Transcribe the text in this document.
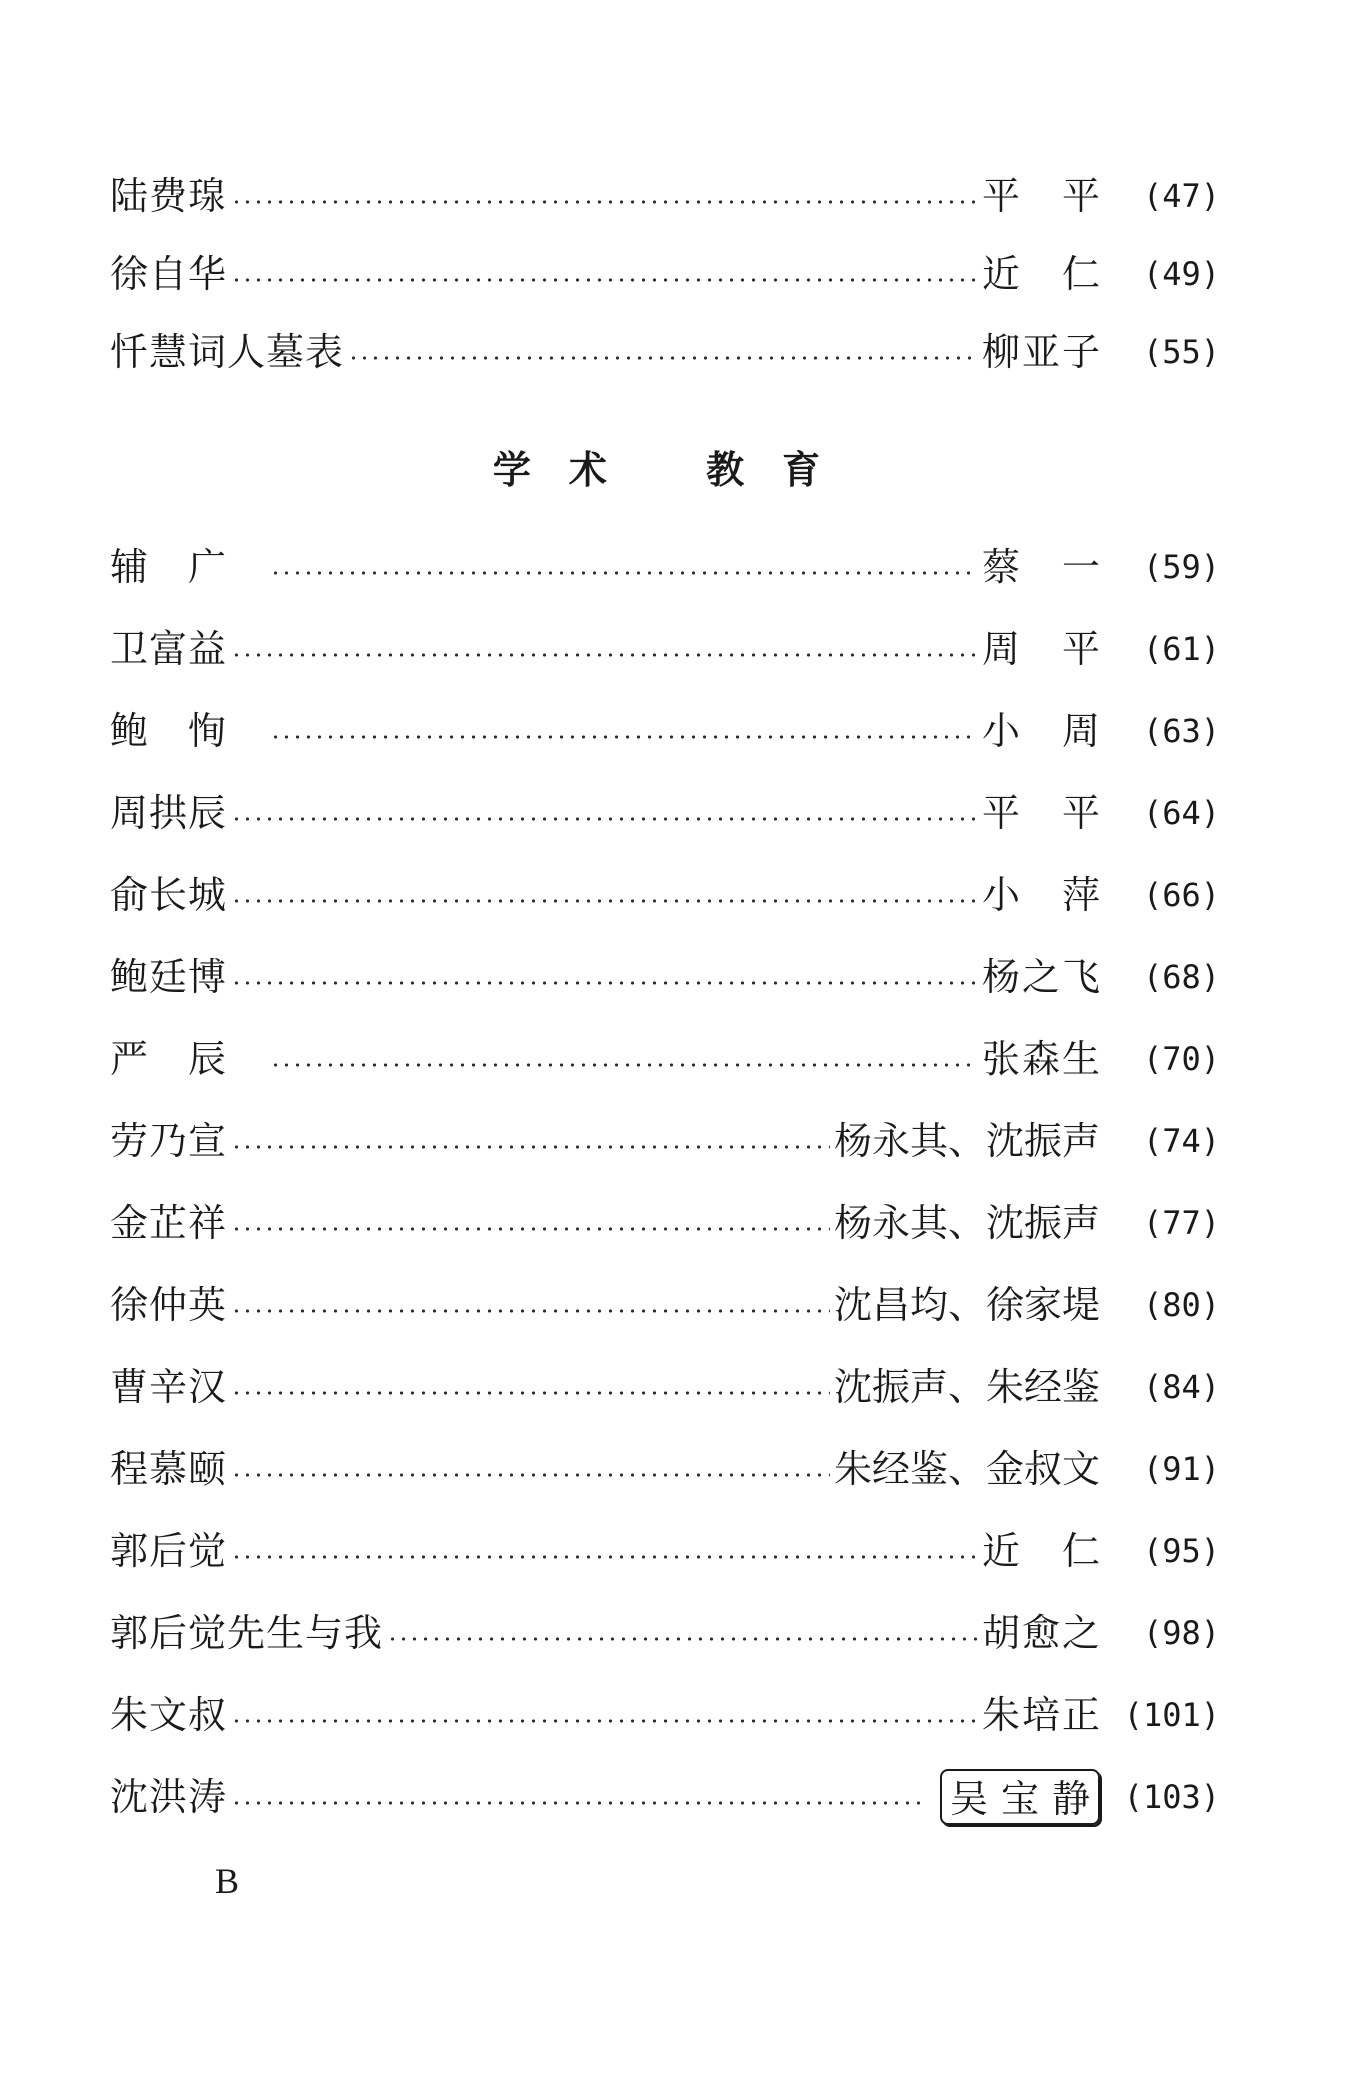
陆费瑔	平 平	(47)
徐自华	近 仁	(49)
忏慧词人墓表	柳亚子	(55)
学术 教育
辅广	蔡 一	(59)
卫富益	周 平	(61)
鲍恂	小 周	(63)
周拱辰	平 平	(64)
俞长城	小 萍	(66)
鲍廷博	杨之飞	(68)
严辰	张森生	(70)
劳乃宣	杨永其、沈振声	(74)
金芷祥	杨永其、沈振声	(77)
徐仲英	沈昌均、徐家堤	(80)
曹辛汉	沈振声、朱经鉴	(84)
程慕颐	朱经鉴、金叔文	(91)
郭后觉	近 仁	(95)
郭后觉先生与我	胡愈之	(98)
朱文叔	朱培正 (101)
沈洪涛	吴宝静	(103)
B
